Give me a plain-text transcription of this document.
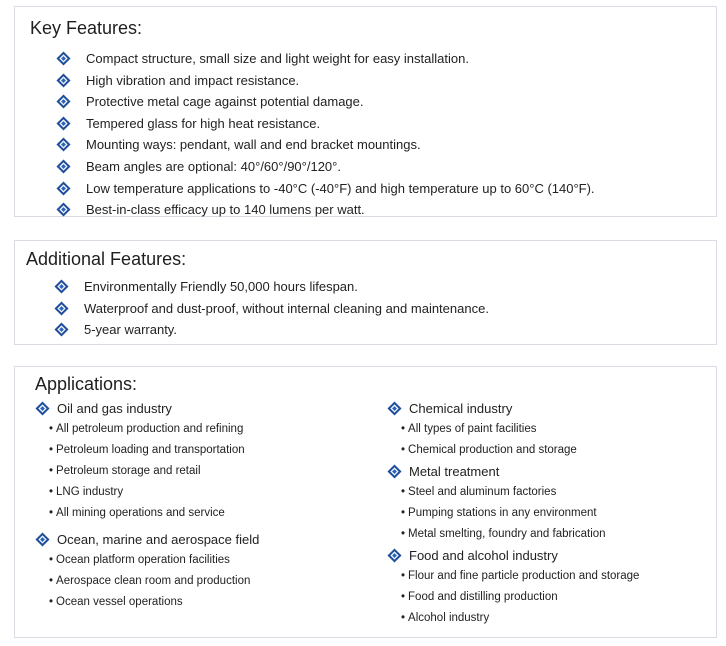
Key Features:
Compact structure, small size and light weight for easy installation.
High vibration and impact resistance.
Protective metal cage against potential damage.
Tempered glass for high heat resistance.
Mounting ways: pendant, wall and end bracket mountings.
Beam angles are optional: 40°/60°/90°/120°.
Low temperature applications to -40°C (-40°F) and high temperature up to 60°C (140°F).
Best-in-class efficacy up to 140 lumens per watt.
Additional Features:
Environmentally Friendly 50,000 hours lifespan.
Waterproof and dust-proof, without internal cleaning and maintenance.
5-year warranty.
Applications:
Oil and gas industry
• All petroleum production and refining
• Petroleum loading and transportation
• Petroleum storage and retail
• LNG industry
• All mining operations and service
Ocean, marine and aerospace field
• Ocean platform operation facilities
• Aerospace clean room and production
• Ocean vessel operations
Chemical industry
• All types of paint facilities
• Chemical production and storage
Metal treatment
• Steel and aluminum factories
• Pumping stations in any environment
• Metal smelting, foundry and fabrication
Food and alcohol industry
• Flour and fine particle production and storage
• Food and distilling production
• Alcohol industry
